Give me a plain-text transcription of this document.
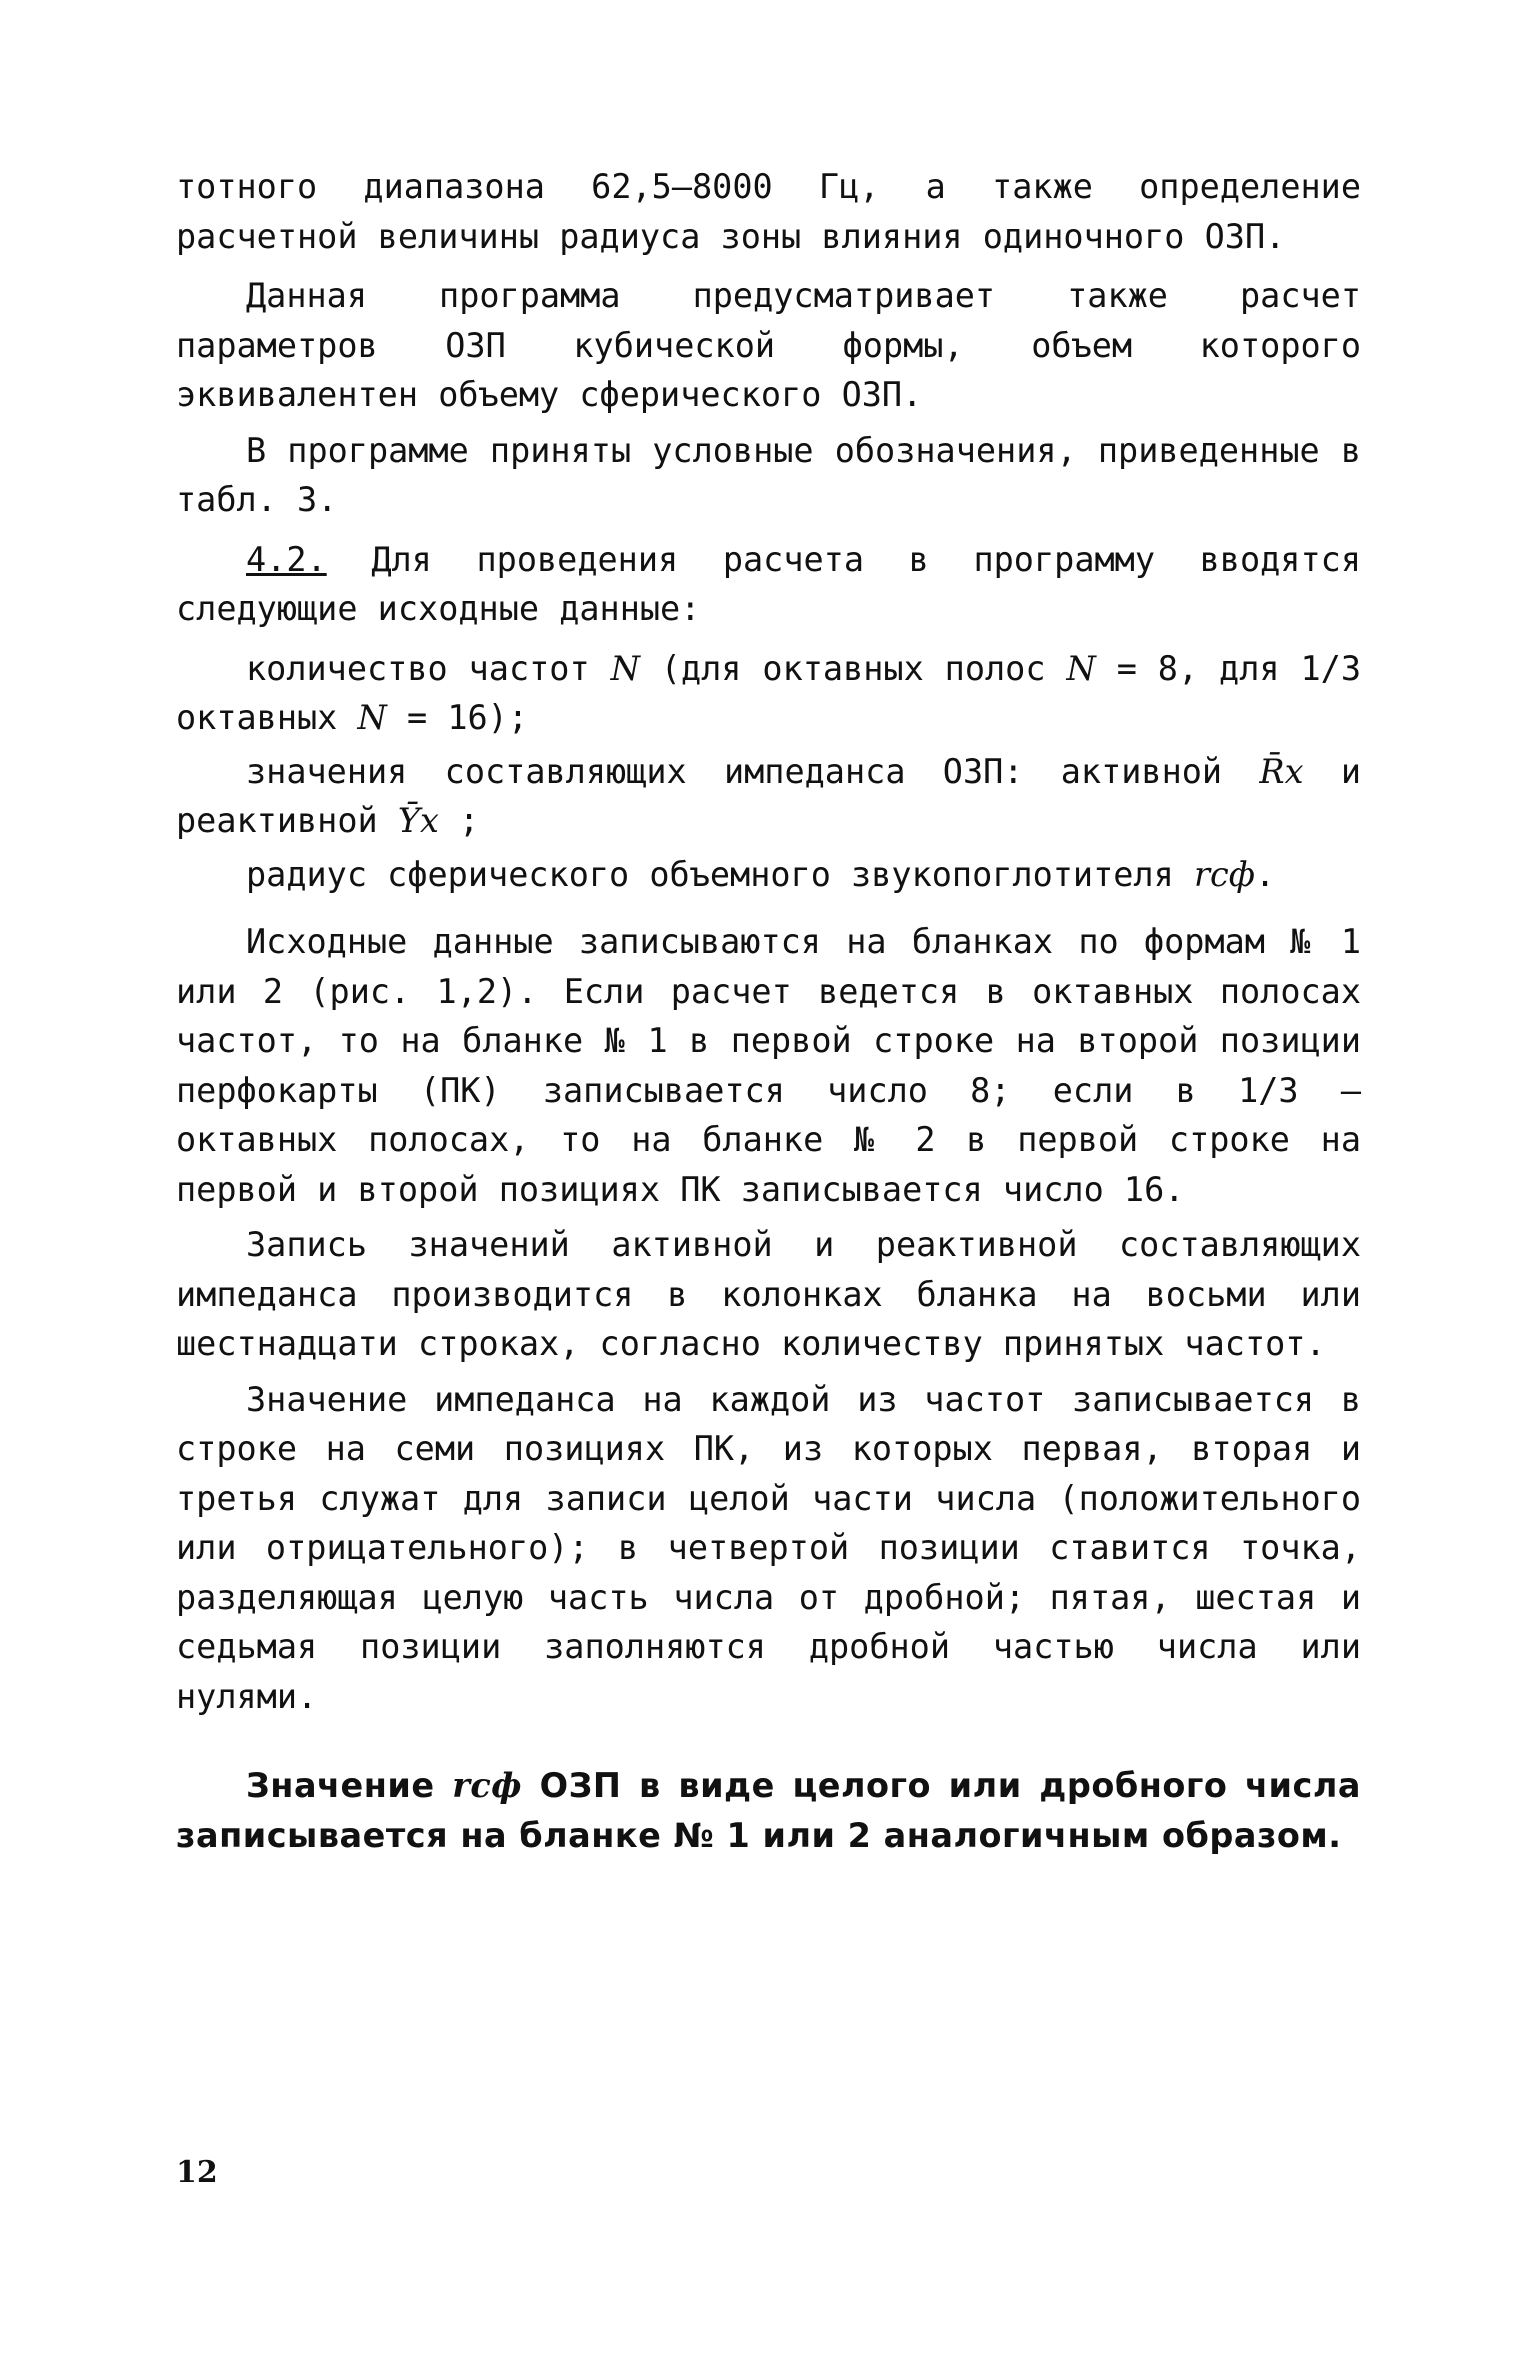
тотного диапазона 62,5–8000 Гц, а также определение расчетной величины радиуса зоны влияния одиночного ОЗП.

Данная программа предусматривает также расчет параметров ОЗП кубической формы, объем которого эквивалентен объему сферического ОЗП.

В программе приняты условные обозначения, приведенные в табл. 3.

4.2. Для проведения расчета в программу вводятся следующие исходные данные:

количество частот N (для октавных полос N = 8, для 1/3 октавных N = 16);

значения составляющих импеданса ОЗП: активной R̄x и реактивной Ȳx ;

радиус сферического объемного звукопоглотителя rсф.

Исходные данные записываются на бланках по формам № 1 или 2 (рис. 1,2). Если расчет ведется в октавных полосах частот, то на бланке № 1 в первой строке на второй позиции перфокарты (ПК) записывается число 8; если в 1/3 – октавных полосах, то на бланке № 2 в первой строке на первой и второй позициях ПК записывается число 16.

Запись значений активной и реактивной составляющих импеданса производится в колонках бланка на восьми или шестнадцати строках, согласно количеству принятых частот.

Значение импеданса на каждой из частот записывается в строке на семи позициях ПК, из которых первая, вторая и третья служат для записи целой части числа (положительного или отрицательного); в четвертой позиции ставится точка, разделяющая целую часть числа от дробной; пятая, шестая и седьмая позиции заполняются дробной частью числа или нулями.

Значение rсф ОЗП в виде целого или дробного числа записывается на бланке № 1 или 2 аналогичным образом.

12
